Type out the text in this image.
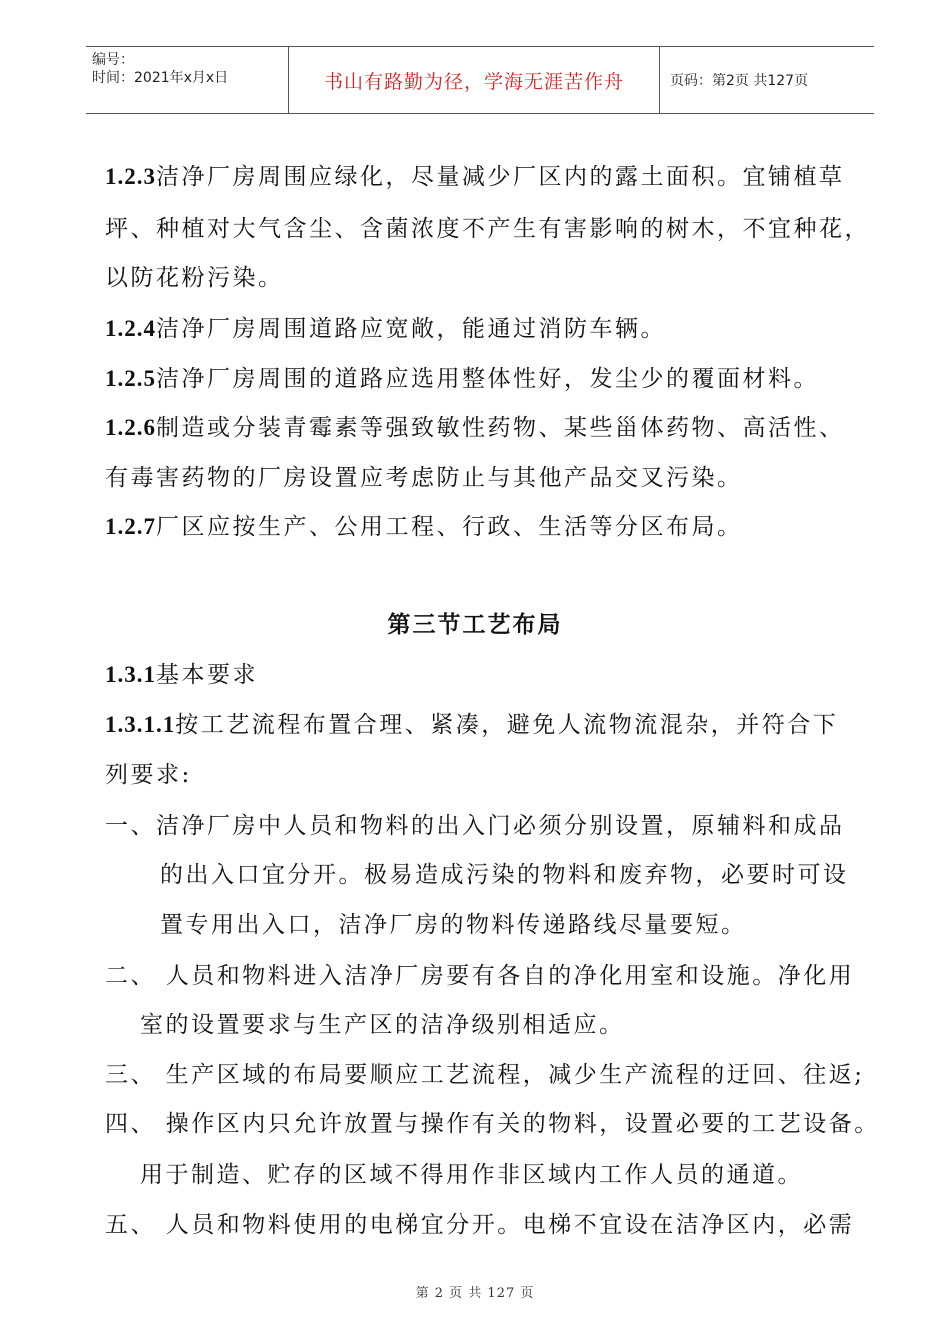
编号：
时间：2021年x月x日	书山有路勤为径，学海无涯苦作舟	页码：第2页 共127页
1.2.3洁净厂房周围应绿化，尽量减少厂区内的露土面积。宜铺植草
坪、种植对大气含尘、含菌浓度不产生有害影响的树木，不宜种花，
以防花粉污染。
1.2.4洁净厂房周围道路应宽敞，能通过消防车辆。
1.2.5洁净厂房周围的道路应选用整体性好，发尘少的覆面材料。
1.2.6制造或分装青霉素等强致敏性药物、某些甾体药物、高活性、
有毒害药物的厂房设置应考虑防止与其他产品交叉污染。
1.2.7厂区应按生产、公用工程、行政、生活等分区布局。
第三节工艺布局
1.3.1基本要求
1.3.1.1按工艺流程布置合理、紧凑，避免人流物流混杂，并符合下
列要求:
一、洁净厂房中人员和物料的出入门必须分别设置，原辅料和成品
的出入口宜分开。极易造成污染的物料和废弃物，必要时可设
置专用出入口，洁净厂房的物料传递路线尽量要短。
二、 人员和物料进入洁净厂房要有各自的净化用室和设施。净化用
室的设置要求与生产区的洁净级别相适应。
三、 生产区域的布局要顺应工艺流程，减少生产流程的迂回、往返;
四、 操作区内只允许放置与操作有关的物料，设置必要的工艺设备。
用于制造、贮存的区域不得用作非区域内工作人员的通道。
五、 人员和物料使用的电梯宜分开。电梯不宜设在洁净区内，必需
第 2 页 共 127 页
